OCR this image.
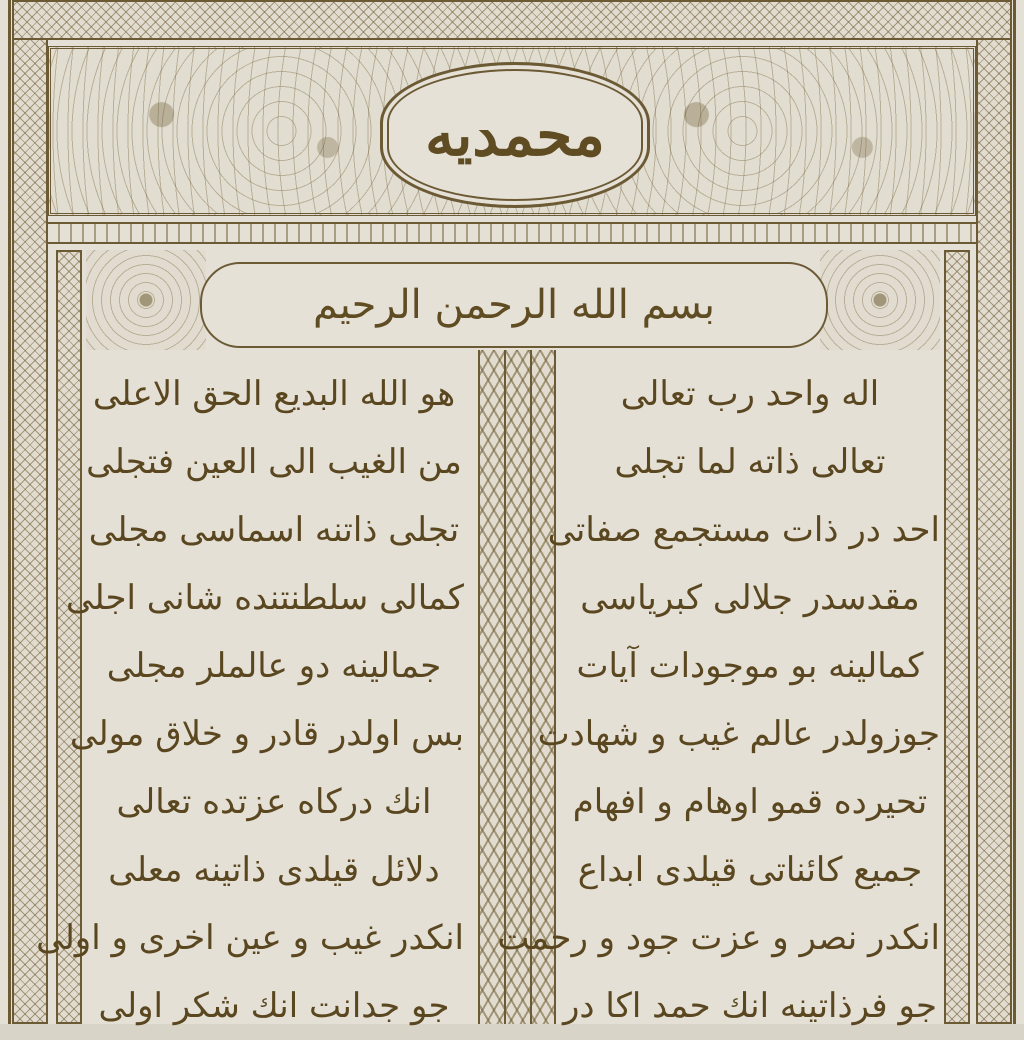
محمديه
بسم الله الرحمن الرحيم
اله واحد رب تعالى
تعالى ذاته لما تجلى
احد در ذات مستجمع صفاتی
مقدسدر جلالی کبریاسی
کمالینه بو موجودات آیات
جوزولدر عالم غیب و شهادت
تحیرده قمو اوهام و افهام
جمیع کائناتی قیلدی ابداع
انکدر نصر و عزت جود و رحمت
جو فرذاتینه انك حمد اكا در
هو الله البدیع الحق الاعلی
من الغیب الی العین فتجلی
تجلی ذاتنه اسماسی مجلی
کمالی سلطنتنده شانی اجلی
جمالینه دو عالملر مجلی
بس اولدر قادر و خلاق مولی
انك درکاه عزتده تعالی
دلائل قیلدی ذاتینه معلی
انکدر غیب و عین اخری و اولی
جو جدانت انك شکر اولی
